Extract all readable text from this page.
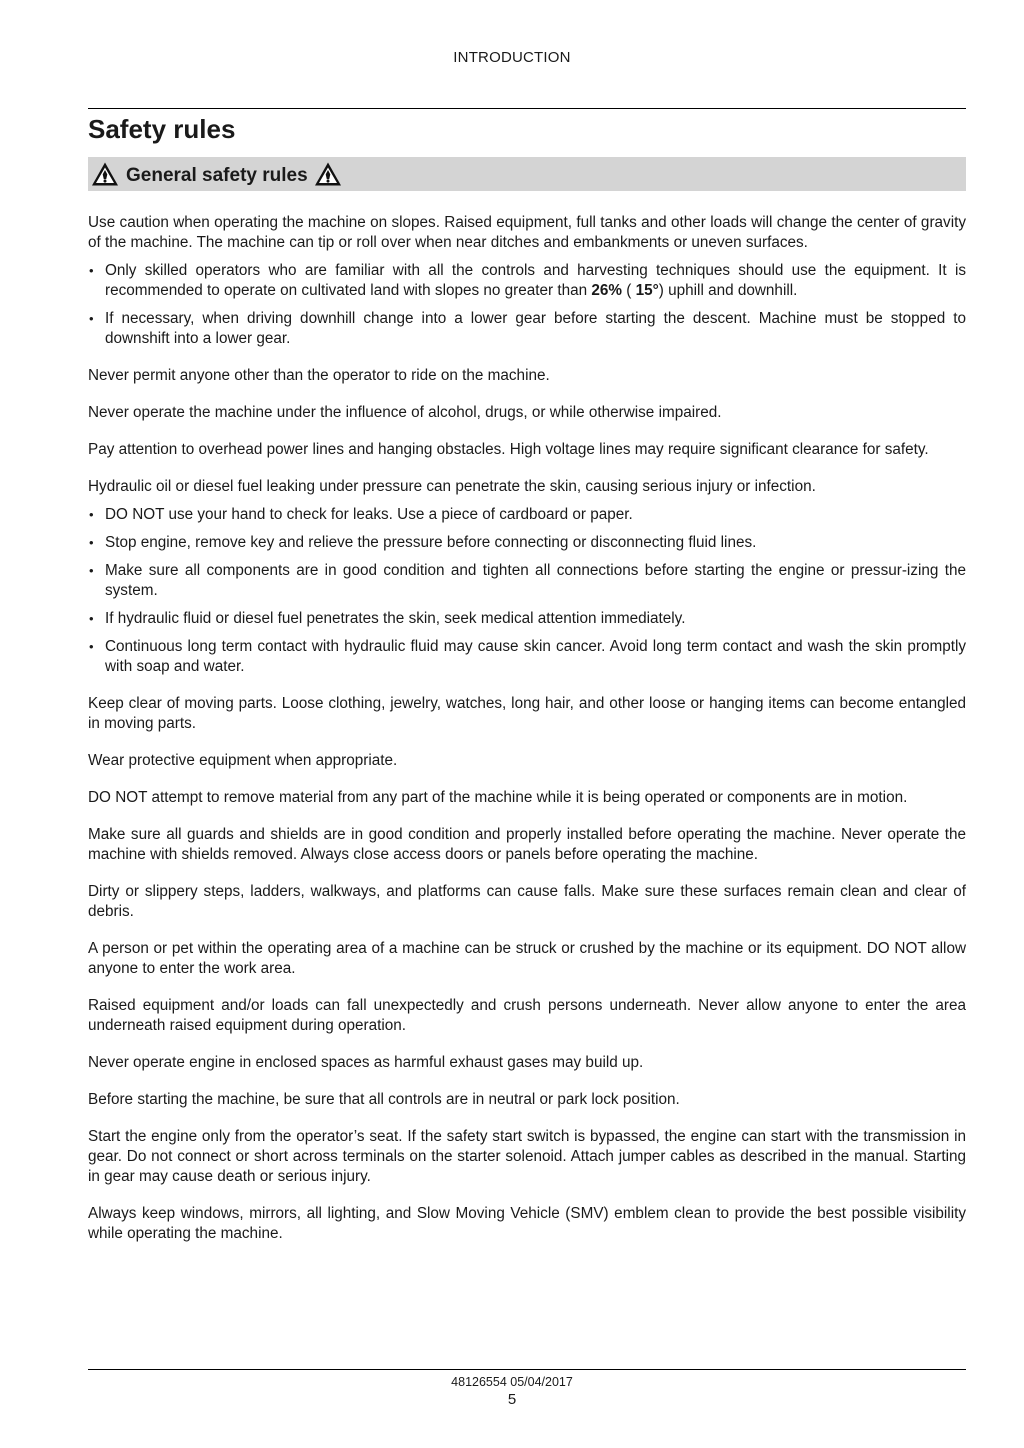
INTRODUCTION
Safety rules
General safety rules

Use caution when operating the machine on slopes. Raised equipment, full tanks and other loads will change the center of gravity of the machine. The machine can tip or roll over when near ditches and embankments or uneven surfaces.

• Only skilled operators who are familiar with all the controls and harvesting techniques should use the equipment. It is recommended to operate on cultivated land with slopes no greater than 26% ( 15°) uphill and downhill.
• If necessary, when driving downhill change into a lower gear before starting the descent. Machine must be stopped to downshift into a lower gear.

Never permit anyone other than the operator to ride on the machine.

Never operate the machine under the influence of alcohol, drugs, or while otherwise impaired.

Pay attention to overhead power lines and hanging obstacles. High voltage lines may require significant clearance for safety.

Hydraulic oil or diesel fuel leaking under pressure can penetrate the skin, causing serious injury or infection.

• DO NOT use your hand to check for leaks. Use a piece of cardboard or paper.
• Stop engine, remove key and relieve the pressure before connecting or disconnecting fluid lines.
• Make sure all components are in good condition and tighten all connections before starting the engine or pressur-izing the system.
• If hydraulic fluid or diesel fuel penetrates the skin, seek medical attention immediately.
• Continuous long term contact with hydraulic fluid may cause skin cancer. Avoid long term contact and wash the skin promptly with soap and water.

Keep clear of moving parts. Loose clothing, jewelry, watches, long hair, and other loose or hanging items can become entangled in moving parts.

Wear protective equipment when appropriate.

DO NOT attempt to remove material from any part of the machine while it is being operated or components are in motion.

Make sure all guards and shields are in good condition and properly installed before operating the machine. Never operate the machine with shields removed. Always close access doors or panels before operating the machine.

Dirty or slippery steps, ladders, walkways, and platforms can cause falls. Make sure these surfaces remain clean and clear of debris.

A person or pet within the operating area of a machine can be struck or crushed by the machine or its equipment. DO NOT allow anyone to enter the work area.

Raised equipment and/or loads can fall unexpectedly and crush persons underneath. Never allow anyone to enter the area underneath raised equipment during operation.

Never operate engine in enclosed spaces as harmful exhaust gases may build up.

Before starting the machine, be sure that all controls are in neutral or park lock position.

Start the engine only from the operator’s seat. If the safety start switch is bypassed, the engine can start with the transmission in gear. Do not connect or short across terminals on the starter solenoid. Attach jumper cables as described in the manual. Starting in gear may cause death or serious injury.

Always keep windows, mirrors, all lighting, and Slow Moving Vehicle (SMV) emblem clean to provide the best possible visibility while operating the machine.

48126554 05/04/2017
5
